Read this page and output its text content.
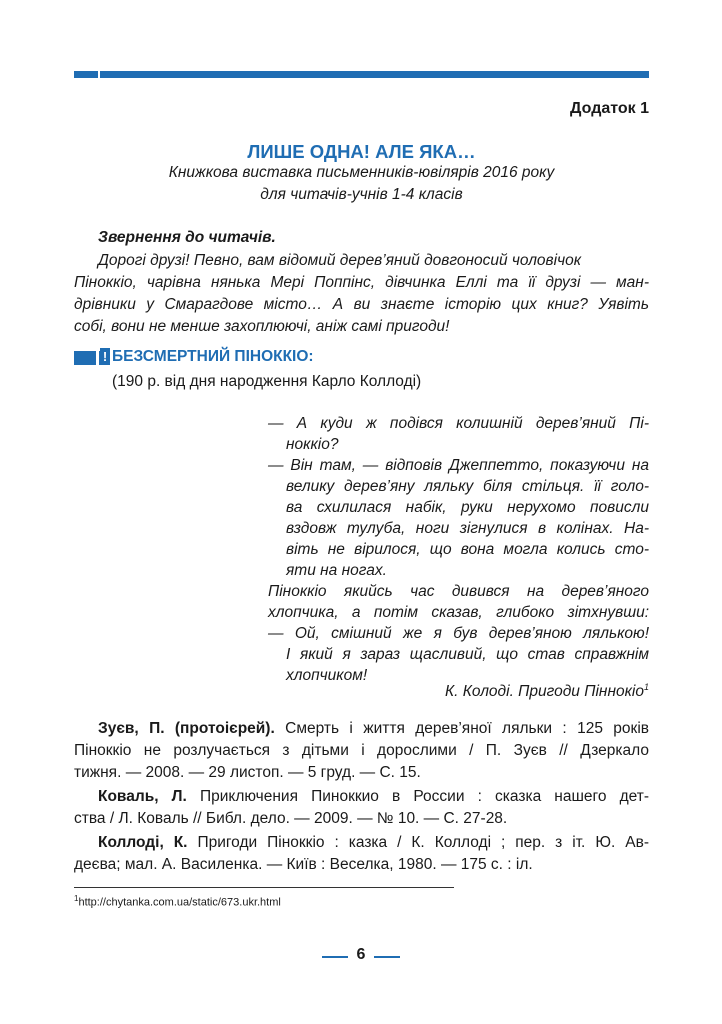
Додаток 1
ЛИШЕ ОДНА! АЛЕ ЯКА…
Книжкова виставка письменників-ювілярів 2016 року
для читачів-учнів 1-4 класів
Звернення до читачів.
Дорогі друзі! Певно, вам відомий дерев’яний довгоносий чоловічок
Піноккіо, чарівна нянька Мері Поппінс, дівчинка Еллі та її друзі — ман-
дрівники у Смарагдове місто… А ви знаєте історію цих книг? Уявіть
собі, вони не менше захоплюючі, аніж самі пригоди!
! БЕЗСМЕРТНИЙ ПІНОККІО:
(190 р. від дня народження Карло Коллоді)
— А куди ж подівся колишній дерев’яний Пі-
ноккіо?
— Він там, — відповів Джеппетто, показуючи на
велику дерев’яну ляльку біля стільця. її голо-
ва схилилася набік, руки нерухомо повисли
вздовж тулуба, ноги зігнулися в колінах. На-
віть не вірилося, що вона могла колись сто-
яти на ногах.
Піноккіо якийсь час дивився на дерев’яного
хлопчика, а потім сказав, глибоко зітхнувши:
— Ой, смішний же я був дерев’яною лялькою!
І який я зараз щасливий, що став справжнім
хлопчиком!
К. Колоді. Пригоди Піннокіо$^1$
Зуєв, П. (протоієрей). Смерть і життя дерев’яної ляльки : 125 років
Піноккіо не розлучається з дітьми і дорослими / П. Зуєв // Дзеркало
тижня. — 2008. — 29 листоп. — 5 груд. — С. 15.
Коваль, Л. Приключения Пиноккио в России : сказка нашего дет-
ства / Л. Коваль // Библ. дело. — 2009. — № 10. — С. 27-28.
Коллоді, К. Пригоди Піноккіо : казка / К. Коллоді ; пер. з іт. Ю. Ав-
деєва; мал. А. Василенка. — Київ : Веселка, 1980. — 175 с. : іл.
$^1$http://chytanka.com.ua/static/673.ukr.html
6
